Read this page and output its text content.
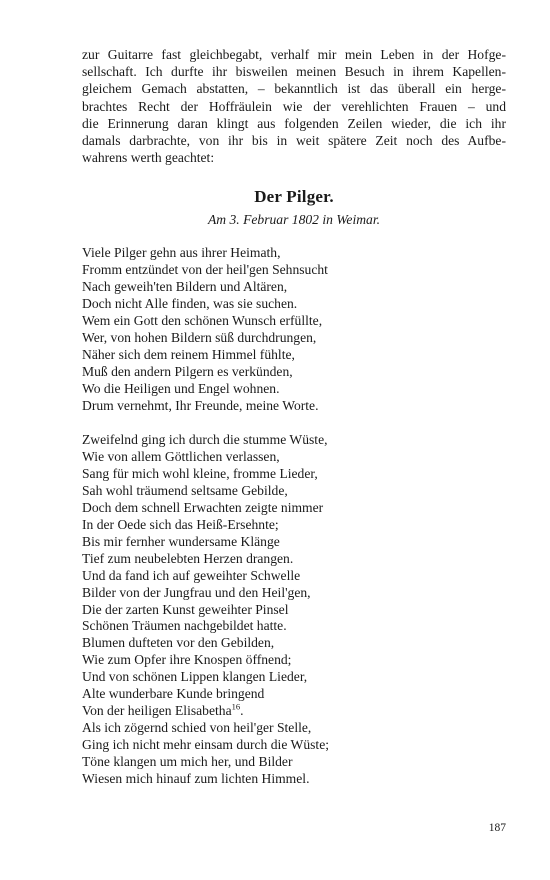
zur Guitarre fast gleichbegabt, verhalf mir mein Leben in der Hofge-
sellschaft. Ich durfte ihr bisweilen meinen Besuch in ihrem Kapellen-
gleichem Gemach abstatten, – bekanntlich ist das überall ein herge-
brachtes Recht der Hoffräulein wie der verehlichten Frauen – und
die Erinnerung daran klingt aus folgenden Zeilen wieder, die ich ihr
damals darbrachte, von ihr bis in weit spätere Zeit noch des Aufbe-
wahrens werth geachtet:

Der Pilger.
Am 3. Februar 1802 in Weimar.
Viele Pilger gehn aus ihrer Heimath,
Fromm entzündet von der heil'gen Sehnsucht
Nach geweih'ten Bildern und Altären,
Doch nicht Alle finden, was sie suchen.
Wem ein Gott den schönen Wunsch erfüllte,
Wer, von hohen Bildern süß durchdrungen,
Näher sich dem reinem Himmel fühlte,
Muß den andern Pilgern es verkünden,
Wo die Heiligen und Engel wohnen.
Drum vernehmt, Ihr Freunde, meine Worte.
Zweifelnd ging ich durch die stumme Wüste,
Wie von allem Göttlichen verlassen,
Sang für mich wohl kleine, fromme Lieder,
Sah wohl träumend seltsame Gebilde,
Doch dem schnell Erwachten zeigte nimmer
In der Oede sich das Heiß-Ersehnte;
Bis mir fernher wundersame Klänge
Tief zum neubelebten Herzen drangen.
Und da fand ich auf geweihter Schwelle
Bilder von der Jungfrau und den Heil'gen,
Die der zarten Kunst geweihter Pinsel
Schönen Träumen nachgebildet hatte.
Blumen dufteten vor den Gebilden,
Wie zum Opfer ihre Knospen öffnend;
Und von schönen Lippen klangen Lieder,
Alte wunderbare Kunde bringend
Von der heiligen Elisabetha$^{16}$.
Als ich zögernd schied von heil'ger Stelle,
Ging ich nicht mehr einsam durch die Wüste;
Töne klangen um mich her, und Bilder
Wiesen mich hinauf zum lichten Himmel.
187
